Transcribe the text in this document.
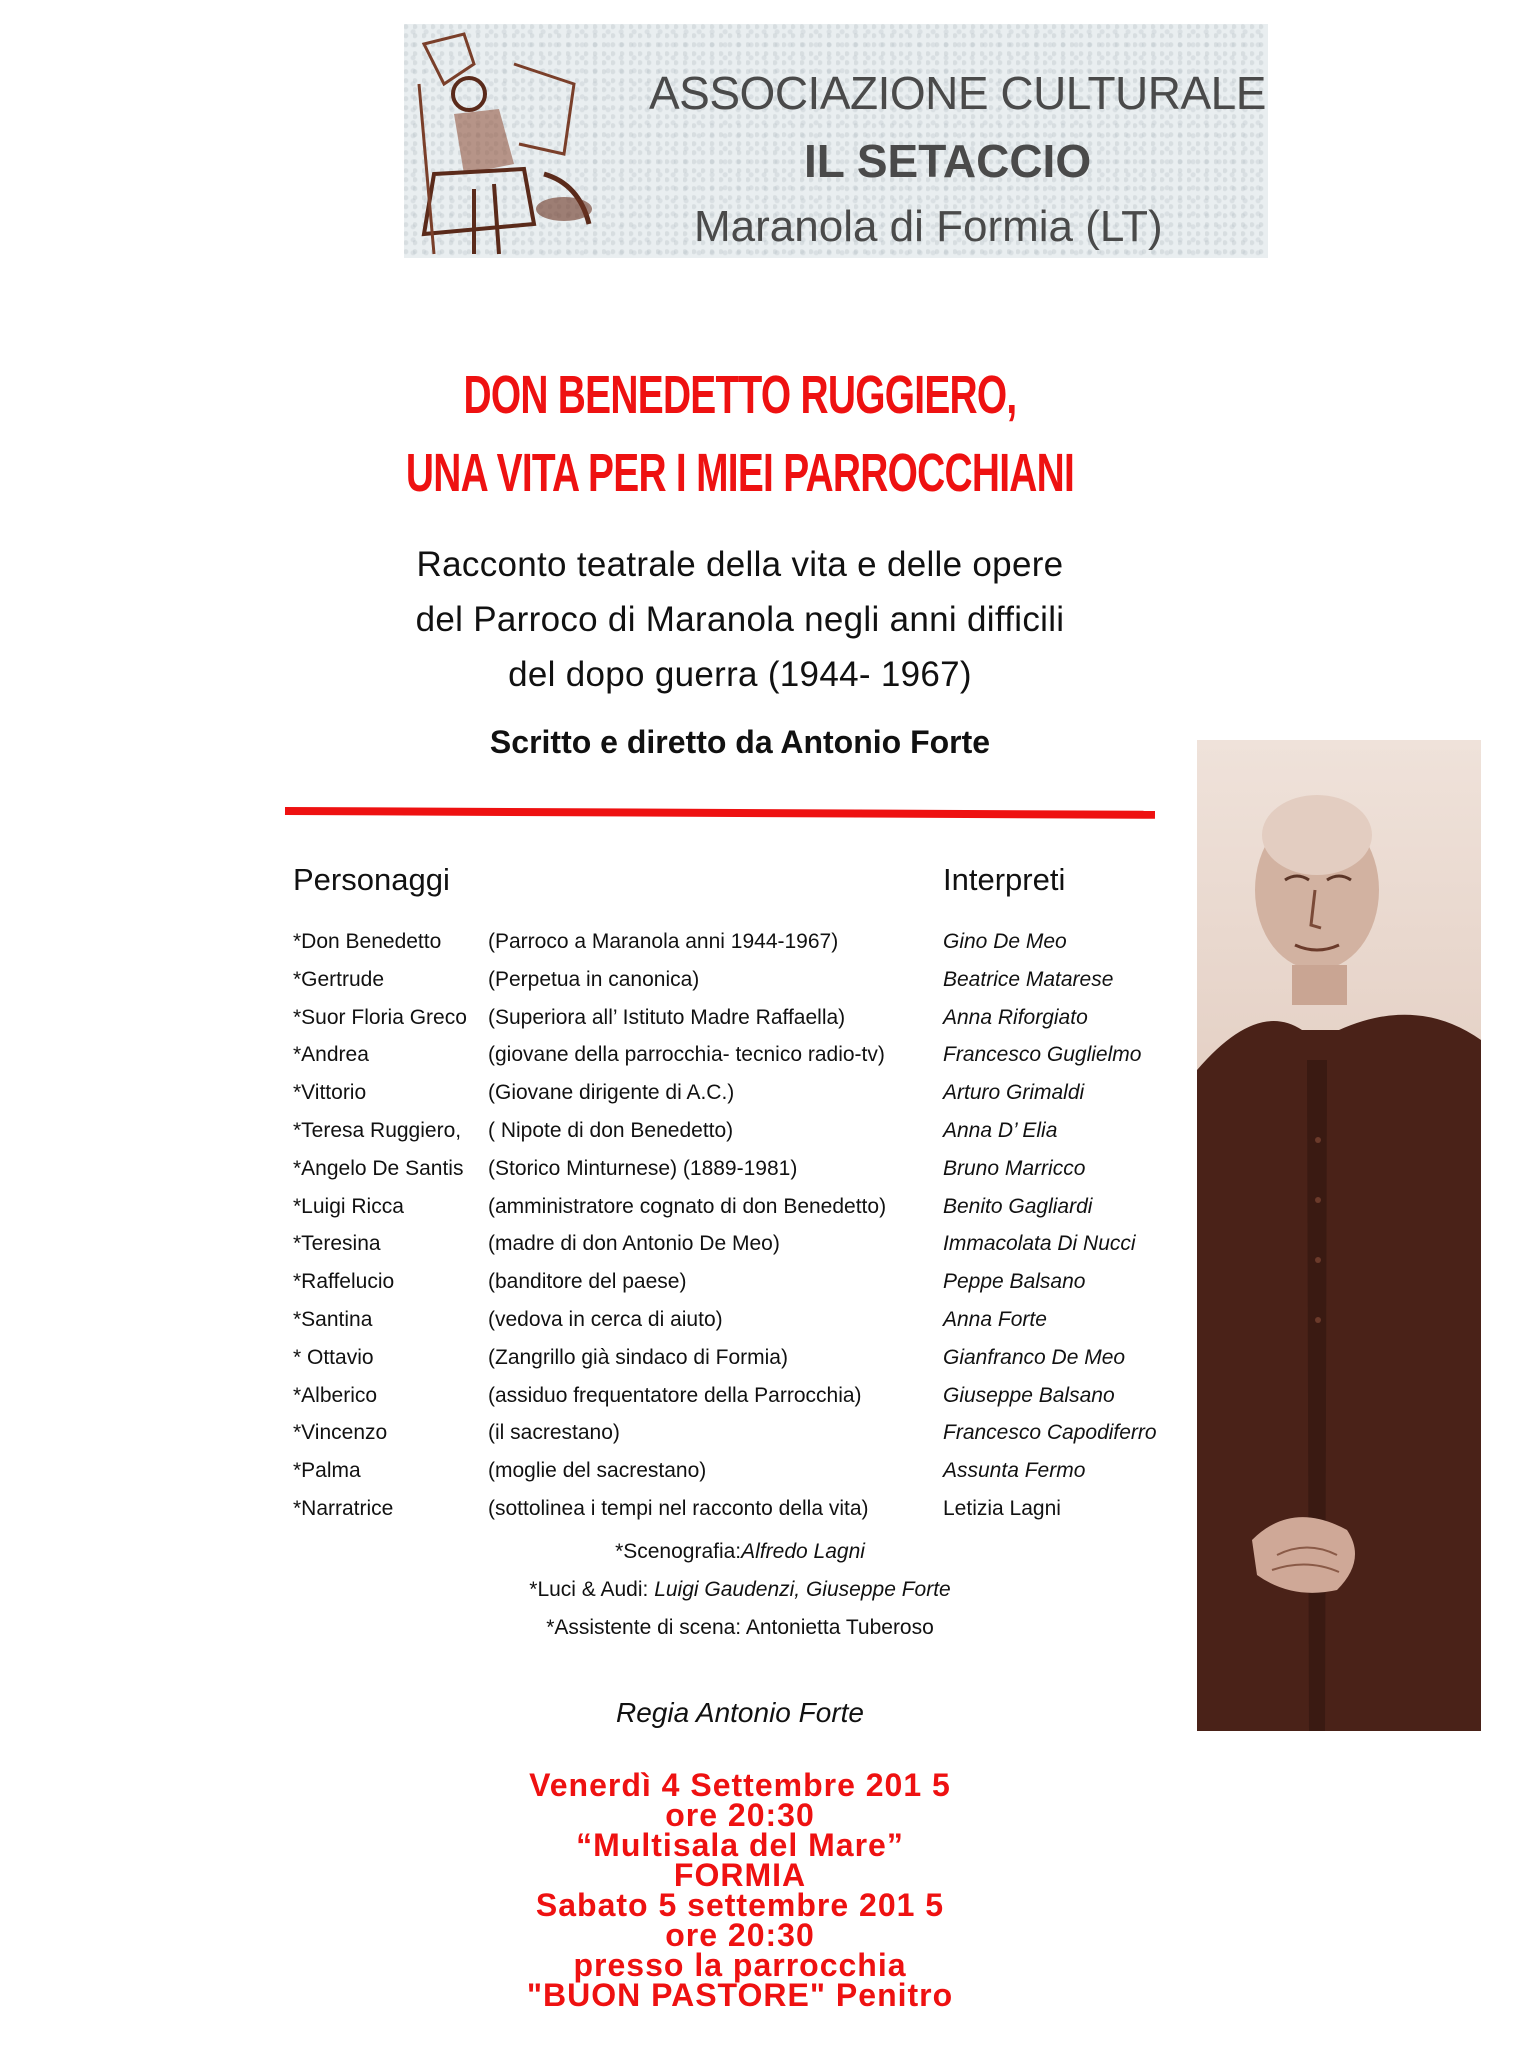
ASSOCIAZIONE CULTURALE
IL SETACCIO
Maranola di Formia (LT)
DON BENEDETTO RUGGIERO,
UNA VITA PER I MIEI PARROCCHIANI
Racconto teatrale della vita e delle opere
del Parroco di Maranola negli anni difficili
del dopo guerra (1944- 1967)
Scritto e diretto da Antonio Forte
Personaggi	Interpreti
*Don Benedetto	(Parroco a Maranola anni 1944-1967)	Gino De Meo
*Gertrude	(Perpetua in canonica)	Beatrice Matarese
*Suor Floria Greco	(Superiora all’ Istituto Madre Raffaella)	Anna Riforgiato
*Andrea	(giovane della parrocchia- tecnico radio-tv)	Francesco Guglielmo
*Vittorio	(Giovane dirigente di A.C.)	Arturo Grimaldi
*Teresa Ruggiero,	( Nipote di don Benedetto)	Anna D’ Elia
*Angelo De Santis	(Storico Minturnese) (1889-1981)	Bruno Marricco
*Luigi Ricca	(amministratore cognato di don Benedetto)	Benito Gagliardi
*Teresina	(madre di don Antonio De Meo)	Immacolata Di Nucci
*Raffelucio	(banditore del paese)	Peppe Balsano
*Santina	(vedova in cerca di aiuto)	Anna Forte
* Ottavio	(Zangrillo già sindaco di Formia)	Gianfranco De Meo
*Alberico	(assiduo frequentatore della Parrocchia)	Giuseppe Balsano
*Vincenzo	(il sacrestano)	Francesco Capodiferro
*Palma	(moglie del sacrestano)	Assunta Fermo
*Narratrice	(sottolinea i tempi nel racconto della vita)	Letizia Lagni
*Scenografia:Alfredo Lagni
*Luci & Audi: Luigi Gaudenzi, Giuseppe Forte
*Assistente di scena: Antonietta Tuberoso
Regia Antonio Forte
Venerdì 4 Settembre 201 5
ore 20:30
“Multisala del Mare”
FORMIA
Sabato 5 settembre 201 5
ore 20:30
presso la parrocchia
"BUON PASTORE" Penitro
